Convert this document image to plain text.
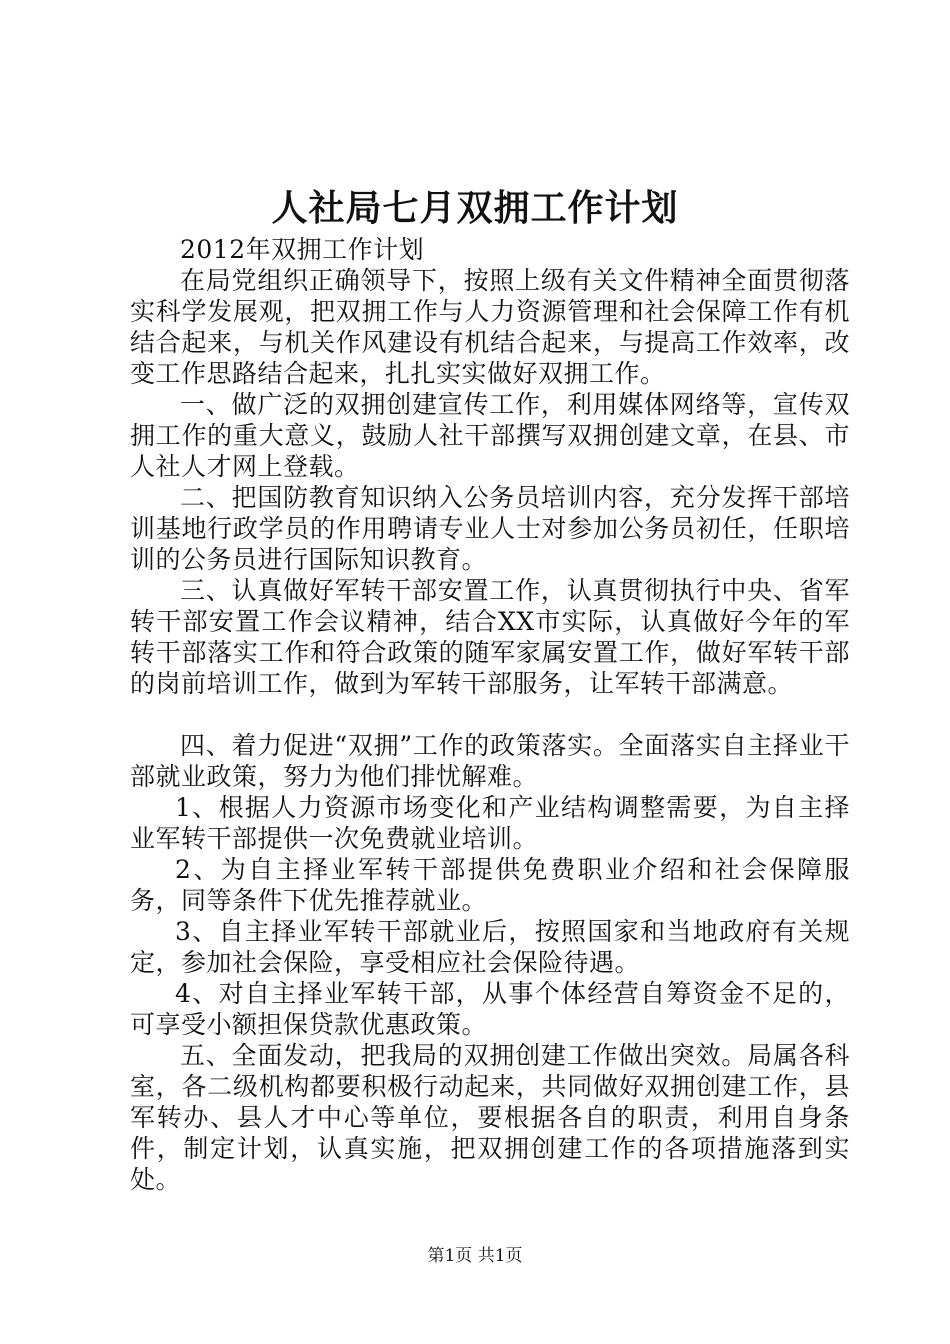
人社局七月双拥工作计划

2012年双拥工作计划

在局党组织正确领导下，按照上级有关文件精神全面贯彻落实科学发展观，把双拥工作与人力资源管理和社会保障工作有机结合起来，与机关作风建设有机结合起来，与提高工作效率，改变工作思路结合起来，扎扎实实做好双拥工作。

一、做广泛的双拥创建宣传工作，利用媒体网络等，宣传双拥工作的重大意义，鼓励人社干部撰写双拥创建文章，在县、市人社人才网上登载。

二、把国防教育知识纳入公务员培训内容，充分发挥干部培训基地行政学员的作用聘请专业人士对参加公务员初任，任职培训的公务员进行国际知识教育。

三、认真做好军转干部安置工作，认真贯彻执行中央、省军转干部安置工作会议精神，结合XX市实际，认真做好今年的军转干部落实工作和符合政策的随军家属安置工作，做好军转干部的岗前培训工作，做到为军转干部服务，让军转干部满意。

四、着力促进“双拥”工作的政策落实。全面落实自主择业干部就业政策，努力为他们排忧解难。

1、根据人力资源市场变化和产业结构调整需要，为自主择业军转干部提供一次免费就业培训。

2、为自主择业军转干部提供免费职业介绍和社会保障服务，同等条件下优先推荐就业。

3、自主择业军转干部就业后，按照国家和当地政府有关规定，参加社会保险，享受相应社会保险待遇。

4、对自主择业军转干部，从事个体经营自筹资金不足的，可享受小额担保贷款优惠政策。

五、全面发动，把我局的双拥创建工作做出突效。局属各科室，各二级机构都要积极行动起来，共同做好双拥创建工作，县军转办、县人才中心等单位，要根据各自的职责，利用自身条件，制定计划，认真实施，把双拥创建工作的各项措施落到实处。

第1页 共1页
